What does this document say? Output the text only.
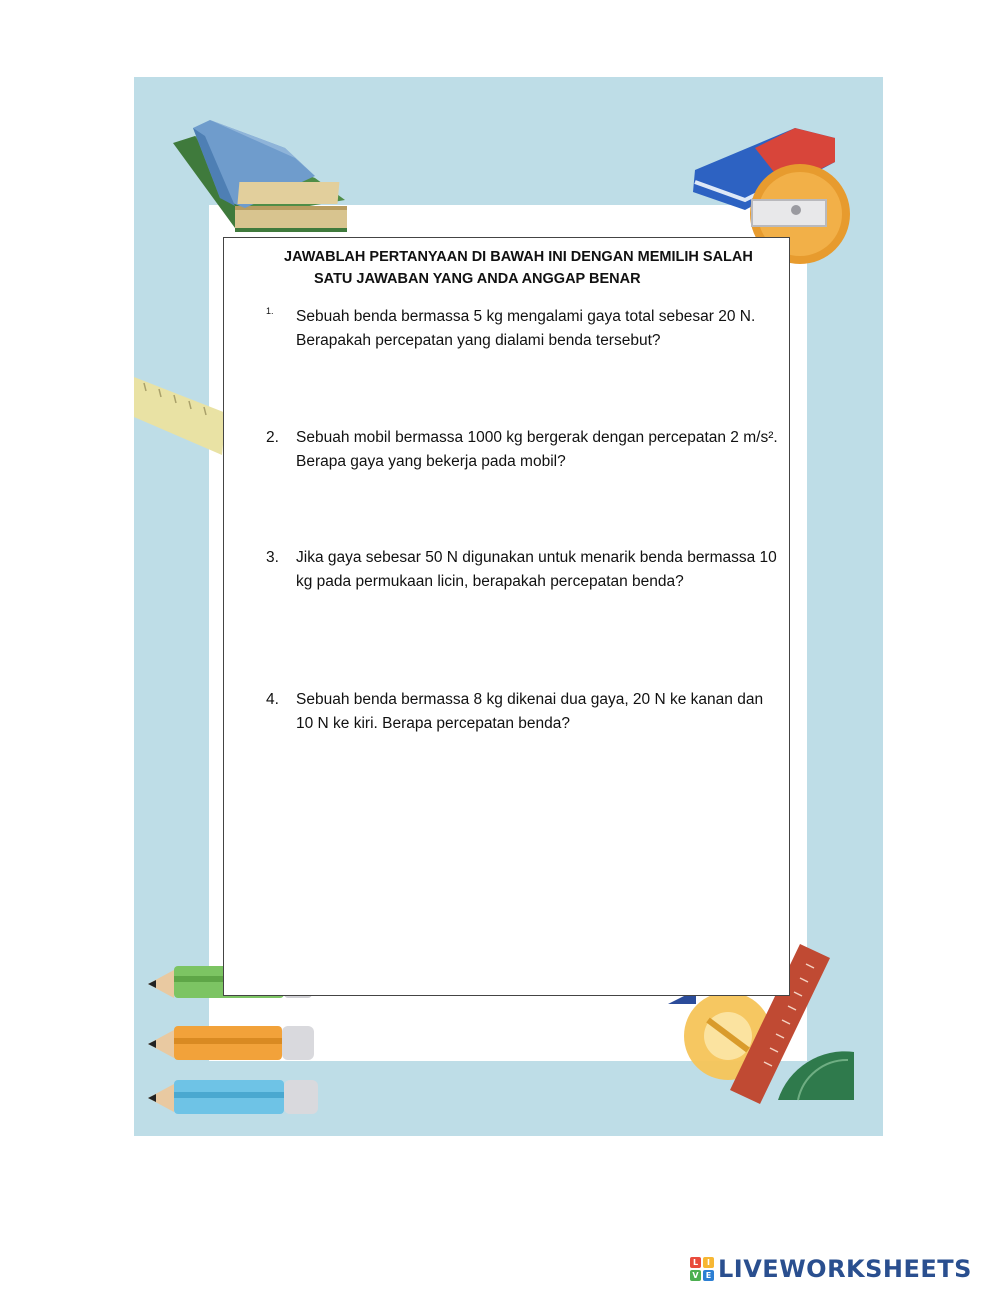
JAWABLAH PERTANYAAN DI BAWAH INI DENGAN MEMILIH SALAH
SATU JAWABAN YANG ANDA ANGGAP BENAR
1. Sebuah benda bermassa 5 kg mengalami gaya total sebesar 20 N. Berapakah percepatan yang dialami benda tersebut?
2. Sebuah mobil bermassa 1000 kg bergerak dengan percepatan 2 m/s². Berapa gaya yang bekerja pada mobil?
3. Jika gaya sebesar 50 N digunakan untuk menarik benda bermassa 10 kg pada permukaan licin, berapakah percepatan benda?
4. Sebuah benda bermassa 8 kg dikenai dua gaya, 20 N ke kanan dan 10 N ke kiri. Berapa percepatan benda?
L	I
V E LIVEWORKSHEETS
